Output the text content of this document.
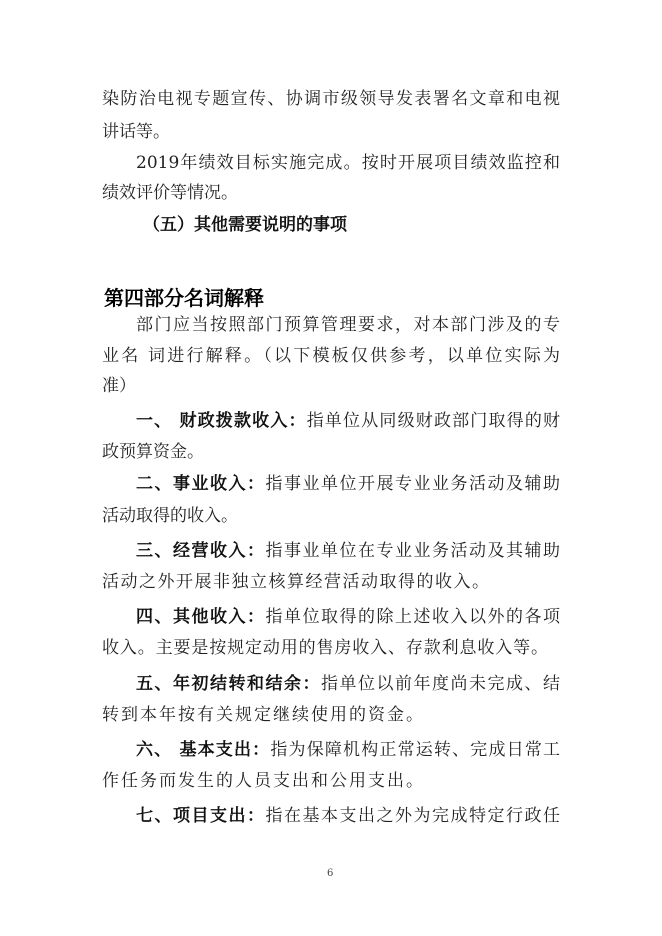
染防治电视专题宣传、协调市级领导发表署名文章和电视
讲话等。
2019年绩效目标实施完成。按时开展项目绩效监控和
绩效评价等情况。
（五）其他需要说明的事项
第四部分名词解释
部门应当按照部门预算管理要求，对本部门涉及的专
业名 词进行解释。（以下模板仅供参考，以单位实际为
准）
一、 财政拨款收入：指单位从同级财政部门取得的财
政预算资金。
二、事业收入：指事业单位开展专业业务活动及辅助
活动取得的收入。
三、经营收入：指事业单位在专业业务活动及其辅助
活动之外开展非独立核算经营活动取得的收入。
四、其他收入：指单位取得的除上述收入以外的各项
收入。主要是按规定动用的售房收入、存款利息收入等。
五、年初结转和结余：指单位以前年度尚未完成、结
转到本年按有关规定继续使用的资金。
六、 基本支出：指为保障机构正常运转、完成日常工
作任务而发生的人员支出和公用支出。
七、项目支出：指在基本支出之外为完成特定行政任
6
